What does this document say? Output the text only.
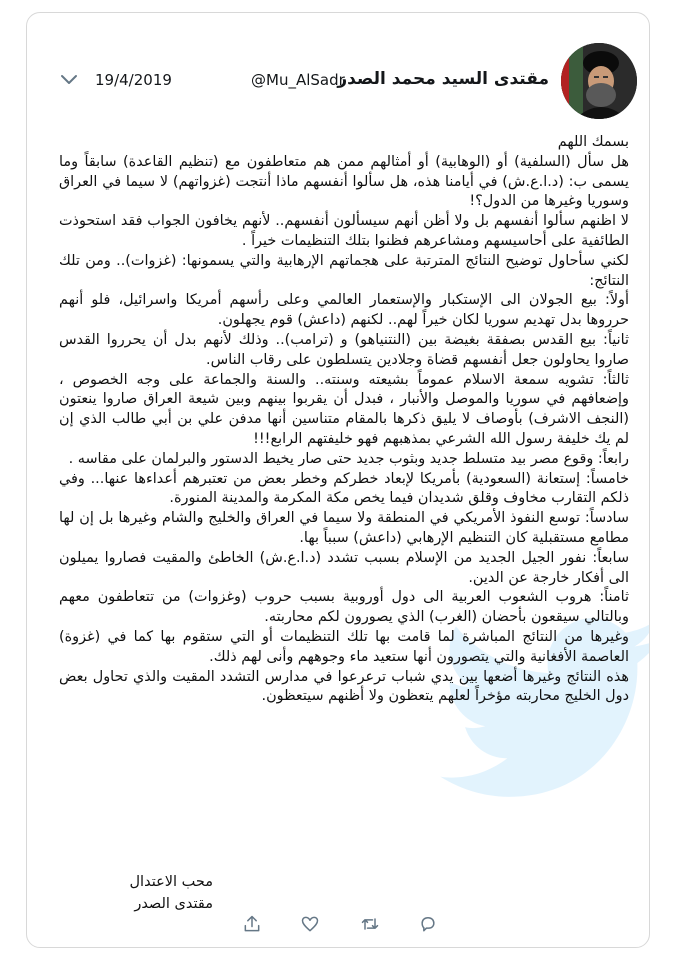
مقتدى السيد محمد الصدر
@Mu_AlSadr
19/4/2019

بسمك اللهم

هل سأل (السلفية) أو (الوهابية) أو أمثالهم ممن هم متعاطفون مع (تنظيم القاعدة) سابقاً وما يسمى ب: (د.ا.ع.ش) في أيامنا هذه، هل سألوا أنفسهم ماذا أنتجت (غزواتهم) لا سيما في العراق وسوريا وغيرها من الدول؟!

لا اظنهم سألوا أنفسهم بل ولا أظن أنهم سيسألون أنفسهم.. لأنهم يخافون الجواب فقد استحوذت الطائفية على أحاسيسهم ومشاعرهم فظنوا بتلك التنظيمات خيراً .

لكني سأحاول توضيح النتائج المترتبة على هجماتهم الإرهابية والتي يسمونها: (غزوات).. ومن تلك النتائج:

أولاً: بيع الجولان الى الإستكبار والإستعمار العالمي وعلى رأسهم أمريكا واسرائيل، فلو أنهم حرروها بدل تهديم سوريا لكان خيراً لهم.. لكنهم (داعش) قوم يجهلون.

ثانياً: بيع القدس بصفقة بغيضة بين (النتنياهو) و (ترامب).. وذلك لأنهم بدل أن يحرروا القدس صاروا يحاولون جعل أنفسهم قضاة وجلادين يتسلطون على رقاب الناس.

ثالثاً: تشويه سمعة الاسلام عموماً بشيعته وسنته.. والسنة والجماعة على وجه الخصوص ، وإضعافهم في سوريا والموصل والأنبار ، فبدل أن يقربوا بينهم وبين شيعة العراق صاروا ينعتون (النجف الاشرف) بأوصاف لا يليق ذكرها بالمقام متناسين أنها مدفن علي بن أبي طالب الذي إن لم يك خليفة رسول الله الشرعي بمذهبهم فهو خليفتهم الرابع!!!

رابعاً: وقوع مصر بيد متسلط جديد وبثوب جديد حتى صار يخيط الدستور والبرلمان على مقاسه .

خامساً: إستعانة (السعودية) بأمريكا لإبعاد خطركم وخطر بعض من تعتبرهم أعداءها عنها... وفي ذلكم التقارب مخاوف وقلق شديدان فيما يخص مكة المكرمة والمدينة المنورة.

سادساً: توسع النفوذ الأمريكي في المنطقة ولا سيما في العراق والخليج والشام وغيرها بل إن لها مطامع مستقبلية كان التنظيم الإرهابي (داعش) سبباً بها.

سابعاً: نفور الجيل الجديد من الإسلام بسبب تشدد (د.ا.ع.ش) الخاطئ والمقيت فصاروا يميلون الى أفكار خارجة عن الدين.

ثامناً: هروب الشعوب العربية الى دول أوروبية بسبب حروب (وغزوات) من تتعاطفون معهم وبالتالي سيقعون بأحضان (الغرب) الذي يصورون لكم محاربته.

وغيرها من النتائج المباشرة لما قامت بها تلك التنظيمات أو التي ستقوم بها كما في (غزوة) العاصمة الأفغانية والتي يتصورون أنها ستعيد ماء وجوههم وأنى لهم ذلك.

هذه النتائج وغيرها أضعها بين يدي شباب ترعرعوا في مدارس التشدد المقيت والذي تحاول بعض دول الخليج محاربته مؤخراً لعلهم يتعظون ولا أظنهم سيتعظون.

محب الاعتدال

مقتدى الصدر
